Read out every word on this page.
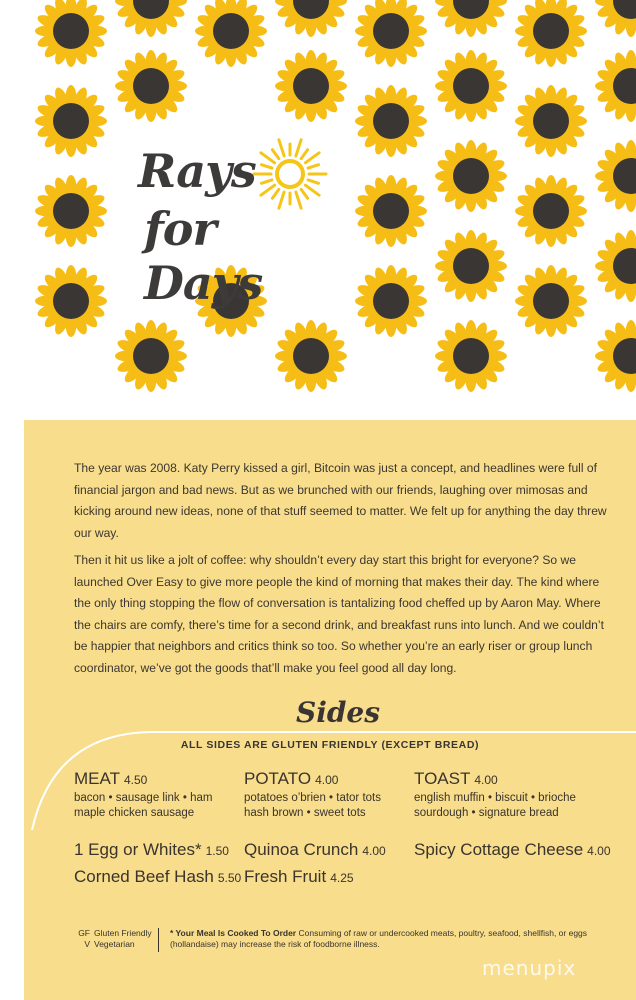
Rays
for Days

The year was 2008. Katy Perry kissed a girl, Bitcoin was just a concept, and headlines were full of financial jargon and bad news. But as we brunched with our friends, laughing over mimosas and kicking around new ideas, none of that stuff seemed to matter. We felt up for anything the day threw our way.

Then it hit us like a jolt of coffee: why shouldn’t every day start this bright for everyone? So we launched Over Easy to give more people the kind of morning that makes their day. The kind where the only thing stopping the flow of conversation is tantalizing food cheffed up by Aaron May. Where the chairs are comfy, there’s time for a second drink, and breakfast runs into lunch. And we couldn’t be happier that neighbors and critics think so too. So whether you’re an early riser or group lunch coordinator, we’ve got the goods that’ll make you feel good all day long.

Sides
ALL SIDES ARE GLUTEN FRIENDLY (EXCEPT BREAD)
MEAT 4.50
bacon • sausage link • ham
maple chicken sausage
POTATO 4.00
potatoes o’brien • tator tots
hash brown • sweet tots
TOAST 4.00
english muffin • biscuit • brioche
sourdough • signature bread
1 Egg or Whites* 1.50
Corned Beef Hash 5.50
Quinoa Crunch 4.00
Fresh Fruit 4.25
Spicy Cottage Cheese 4.00
GF Gluten Friendly
V Vegetarian
* Your Meal Is Cooked To Order Consuming of raw or undercooked meats, poultry, seafood, shellfish, or eggs (hollandaise) may increase the risk of foodborne illness.
menupix
